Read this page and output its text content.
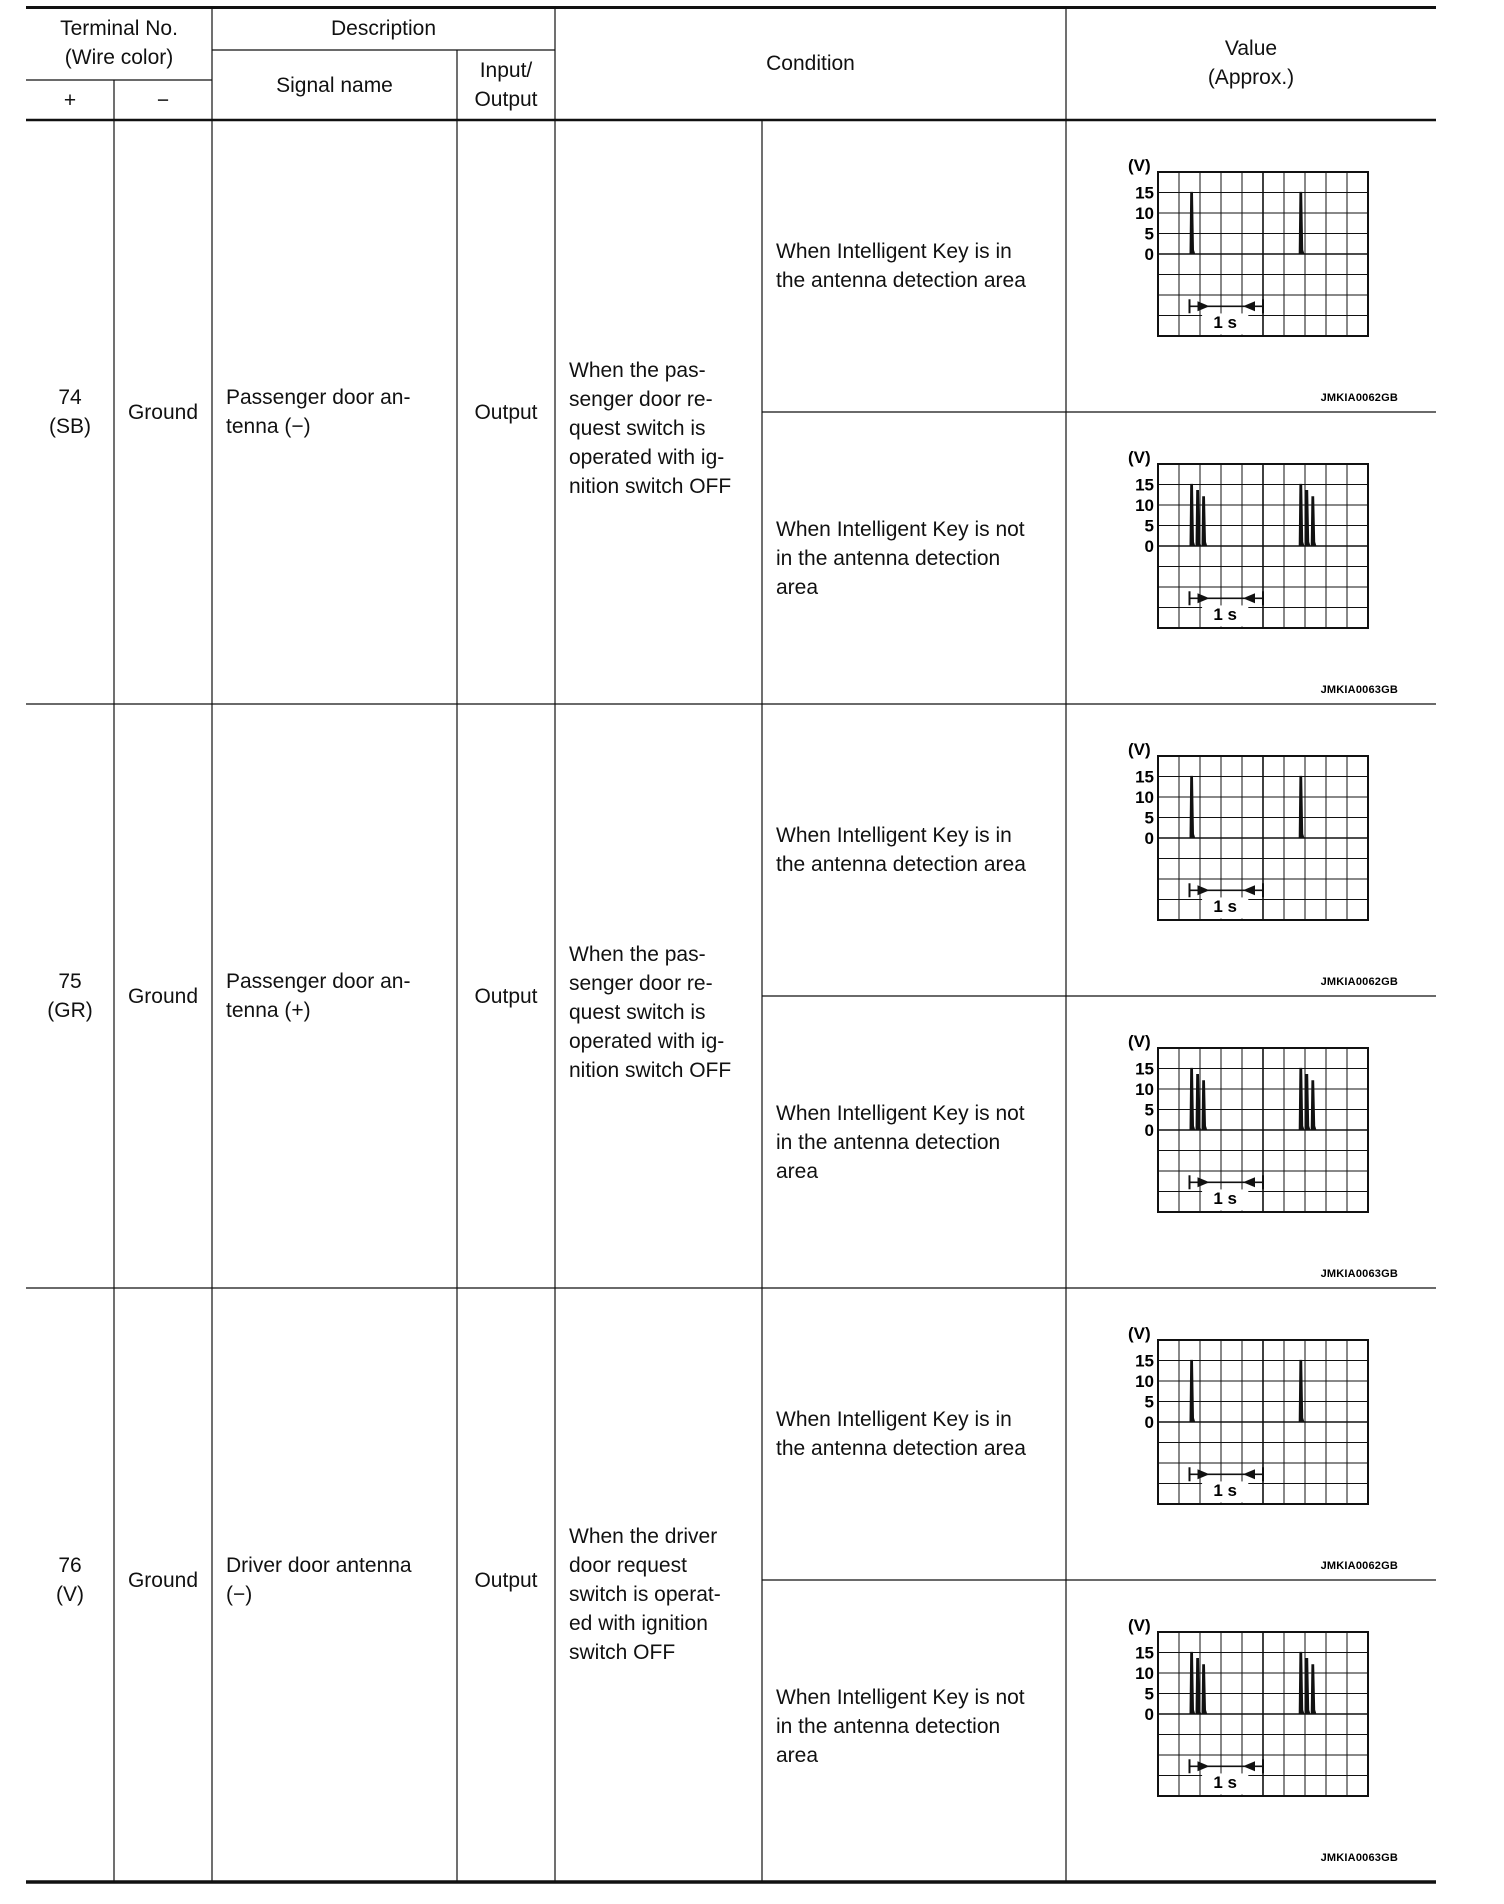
Terminal No.
(Wire color)
+	−
Description
Signal name
Input/
Output
Condition
Value
(Approx.)
74
(SB)
Ground
Passenger door an-
tenna (−)
Output
When the pas-
senger door re-
quest switch is
operated with ig-
nition switch OFF
When Intelligent Key is in
the antenna detection area
When Intelligent Key is not
in the antenna detection
area
75
(GR)
Ground
Passenger door an-
tenna (+)
Output
When the pas-
senger door re-
quest switch is
operated with ig-
nition switch OFF
When Intelligent Key is in
the antenna detection area
When Intelligent Key is not
in the antenna detection
area
76
(V)
Ground
Driver door antenna
(−)
Output
When the driver
door request
switch is operat-
ed with ignition
switch OFF
When Intelligent Key is in
the antenna detection area
When Intelligent Key is not
in the antenna detection
area
(V)
15
10
5
0
1 s
JMKIA0062GB
(V)
15
10
5
0
1 s
JMKIA0063GB
(V)
15
10
5
0
1 s
JMKIA0062GB
(V)
15
10
5
0
1 s
JMKIA0063GB
(V)
15
10
5
0
1 s
JMKIA0062GB
(V)
15
10
5
0
1 s
JMKIA0063GB
